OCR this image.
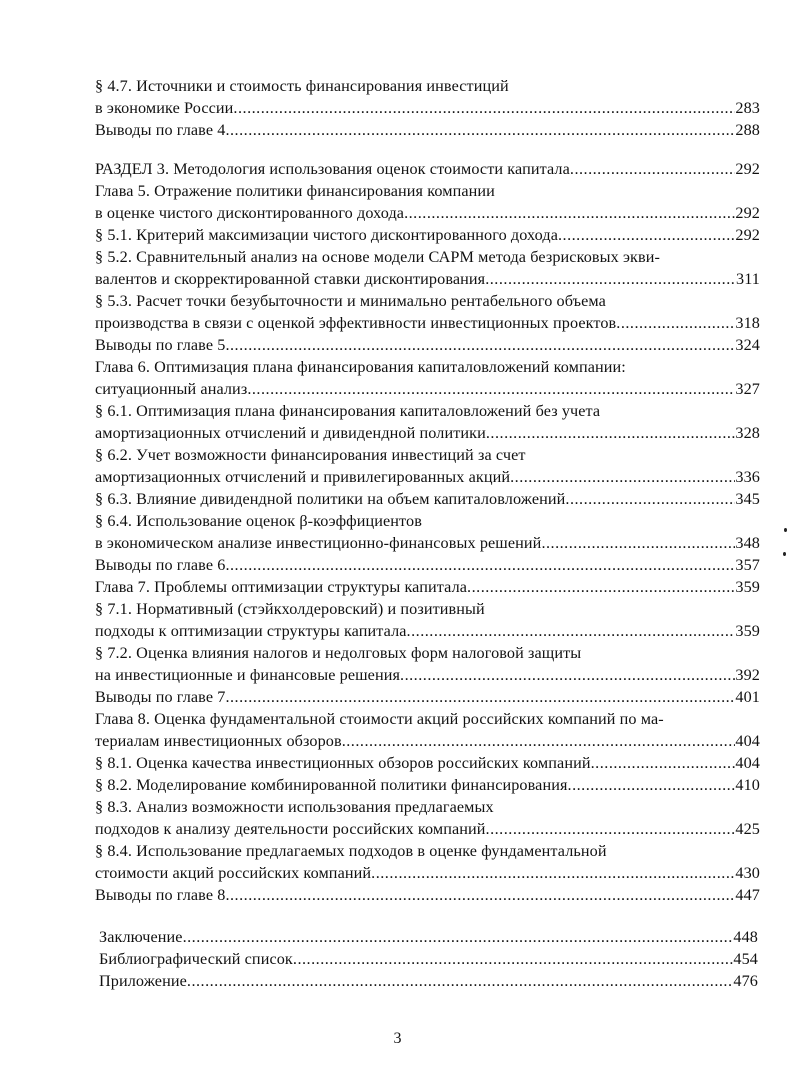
§ 4.7. Источники и стоимость финансирования инвестиций
в экономике России .....	283
Выводы по главе 4 .....	288
РАЗДЕЛ 3. Методология использования оценок стоимости капитала .....	292
Глава 5. Отражение политики финансирования компании
в оценке чистого дисконтированного дохода .....	292
§ 5.1. Критерий максимизации чистого дисконтированного дохода .....	292
§ 5.2. Сравнительный анализ на основе модели САРМ метода безрисковых экви-
валентов и скорректированной ставки дисконтирования .....	311
§ 5.3. Расчет точки безубыточности и минимально рентабельного объема
производства в связи с оценкой эффективности инвестиционных проектов .....	318
Выводы по главе 5 .....	324
Глава 6. Оптимизация плана финансирования капиталовложений компании:
ситуационный анализ .....	327
§ 6.1. Оптимизация плана финансирования капиталовложений без учета
амортизационных отчислений и дивидендной политики .....	328
§ 6.2. Учет возможности финансирования инвестиций за счет
амортизационных отчислений и привилегированных акций .....	336
§ 6.3. Влияние дивидендной политики на объем капиталовложений .....	345
§ 6.4. Использование оценок β-коэффициентов
в экономическом анализе инвестиционно-финансовых решений .....	348
Выводы по главе 6 .....	357
Глава 7. Проблемы оптимизации структуры капитала .....	359
§ 7.1. Нормативный (стэйкхолдеровский) и позитивный
подходы к оптимизации структуры капитала .....	359
§ 7.2. Оценка влияния налогов и недолговых форм налоговой защиты
на инвестиционные и финансовые решения .....	392
Выводы по главе 7 .....	401
Глава 8. Оценка фундаментальной стоимости акций российских компаний по ма-
териалам инвестиционных обзоров .....	404
§ 8.1. Оценка качества инвестиционных обзоров российских компаний .....	404
§ 8.2. Моделирование комбинированной политики финансирования .....	410
§ 8.3. Анализ возможности использования предлагаемых
подходов к анализу деятельности российских компаний .....	425
§ 8.4. Использование предлагаемых подходов в оценке фундаментальной
стоимости акций российских компаний .....	430
Выводы по главе 8 .....	447
Заключение .....	448
Библиографический список .....	454
Приложение .....	476
3
